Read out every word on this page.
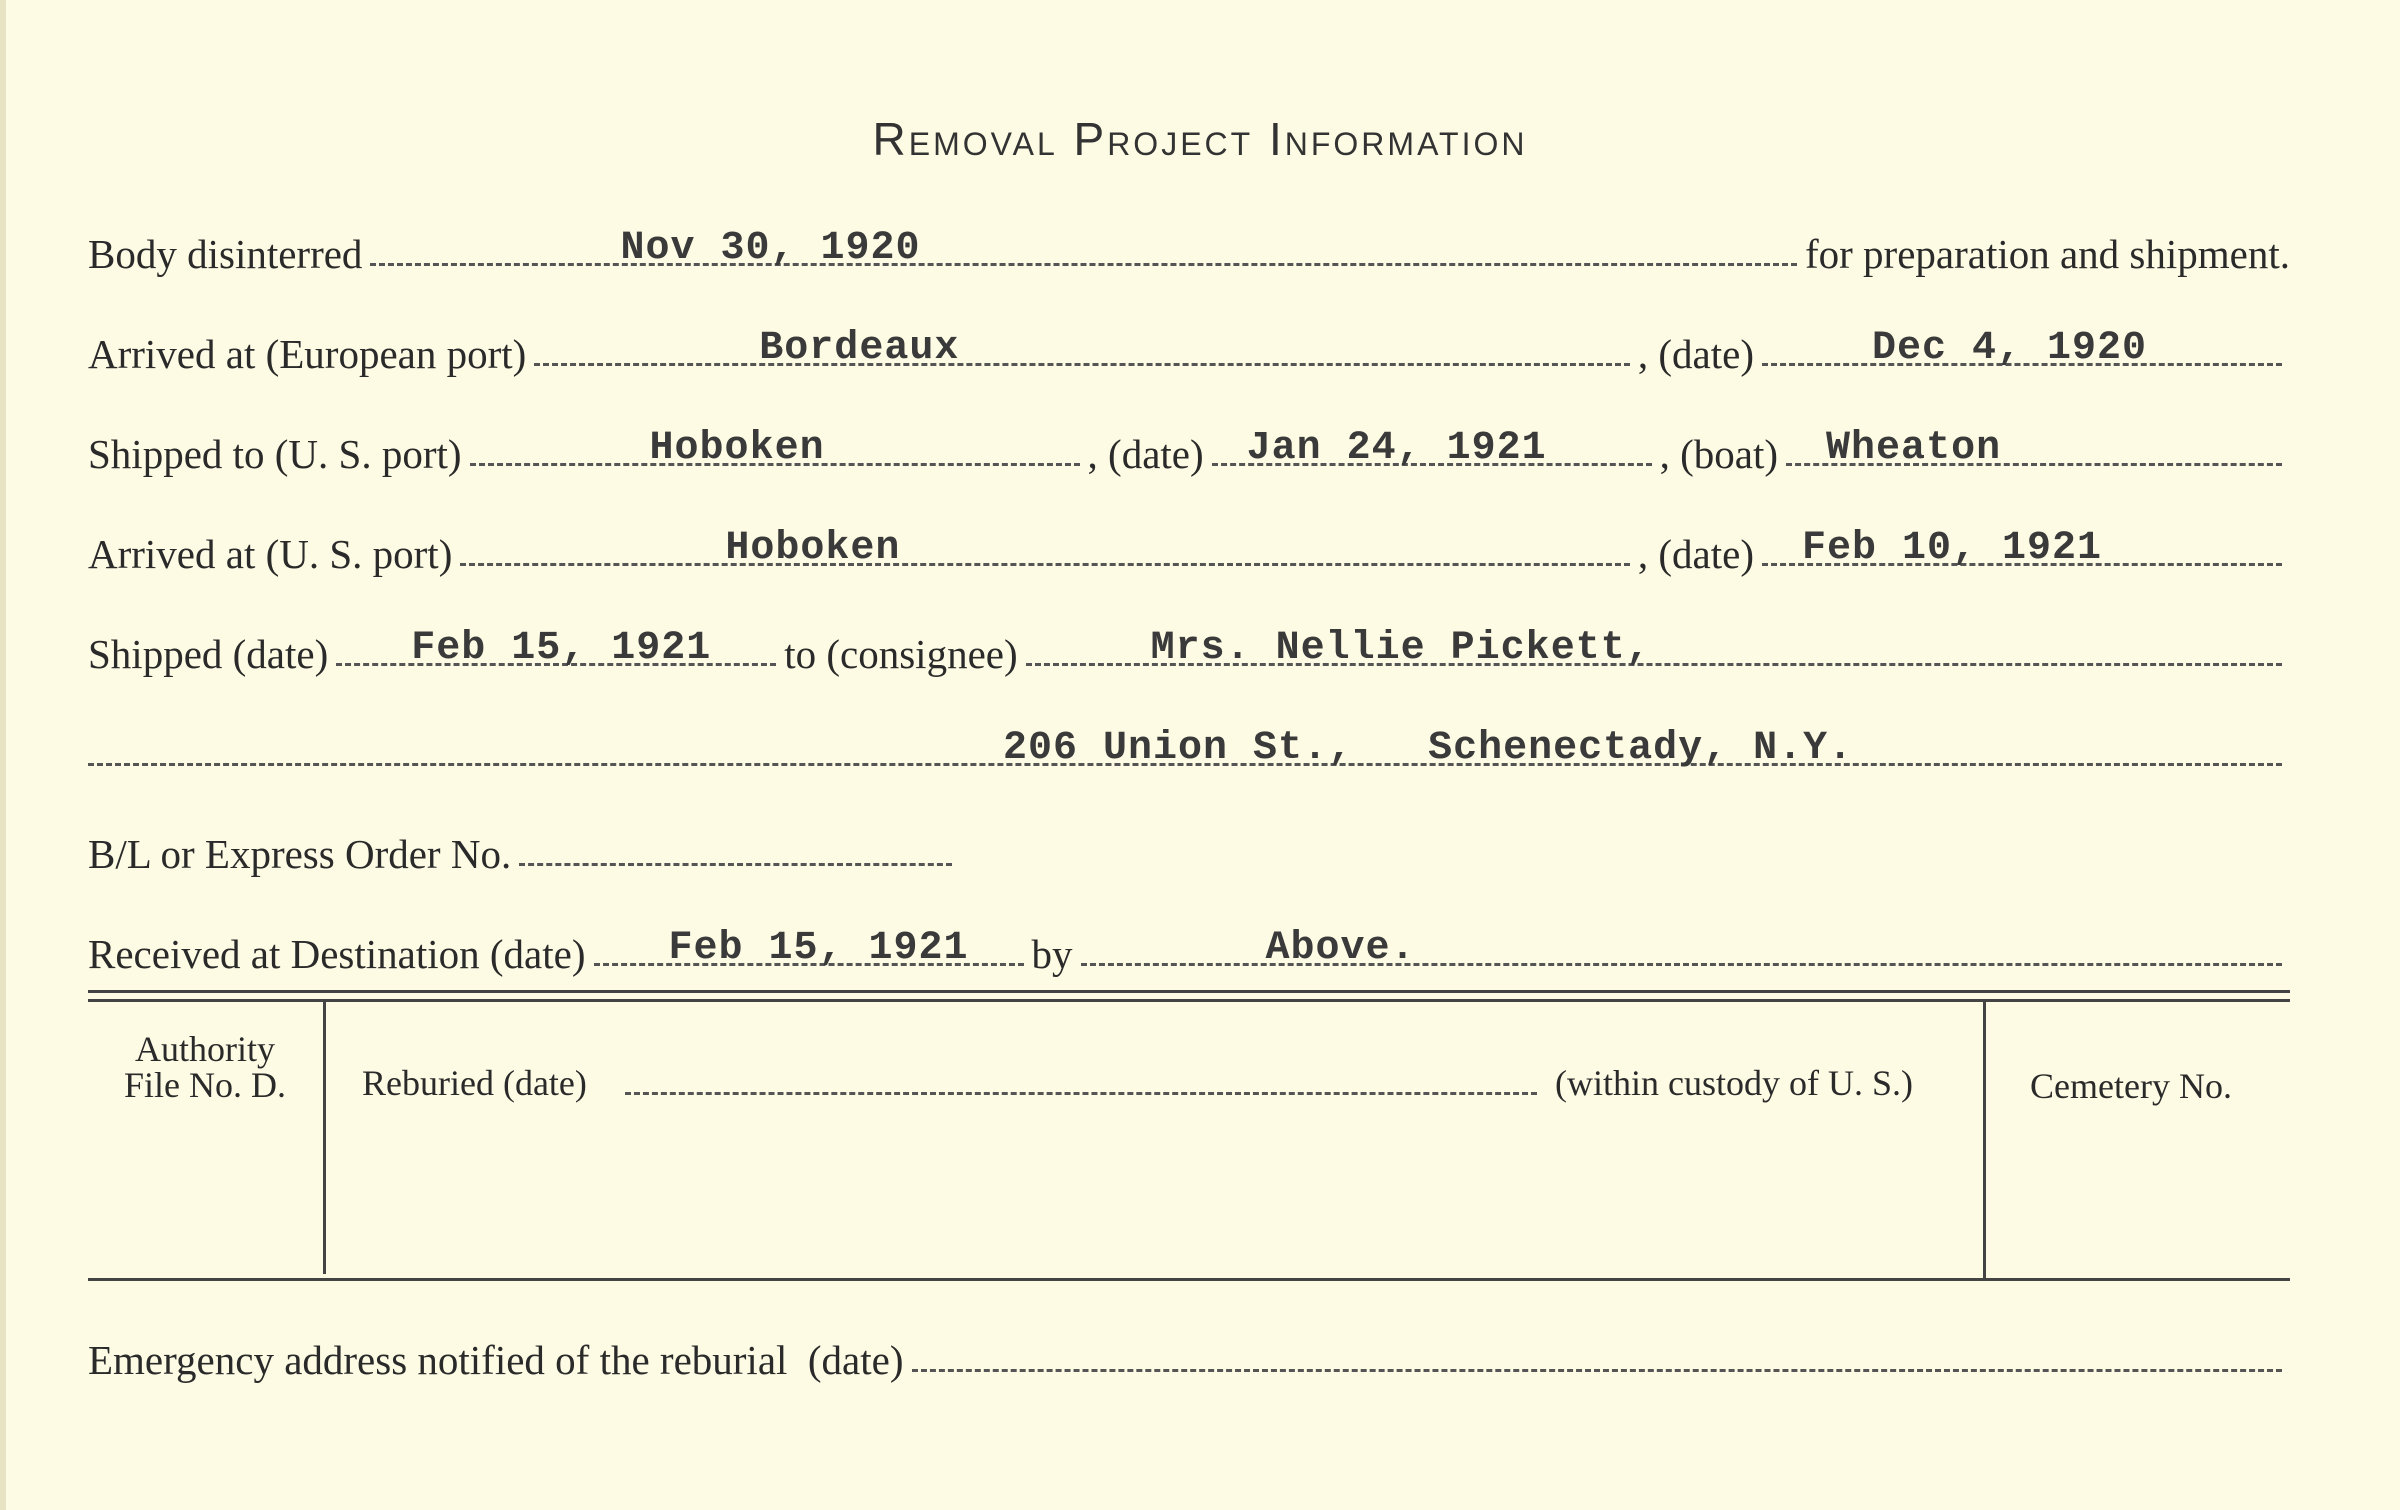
Removal Project Information
Body disinterred	Nov 30, 1920	for preparation and shipment.
Arrived at (European port)	Bordeaux	, (date)	Dec 4, 1920
Shipped to (U. S. port)	Hoboken	, (date) Jan 24, 1921	, (boat) Wheaton
Arrived at (U. S. port)	Hoboken	, (date) Feb 10, 1921
Shipped (date) Feb 15, 1921 to (consignee)	Mrs. Nellie Pickett,
206 Union St.,   Schenectady, N.Y.
B/L or Express Order No.
Received at Destination (date) Feb 15, 1921 by	Above.
Authority File No. D.	Reburied (date)	(within custody of U. S.)	Cemetery No.
Emergency address notified of the reburial  (date)
